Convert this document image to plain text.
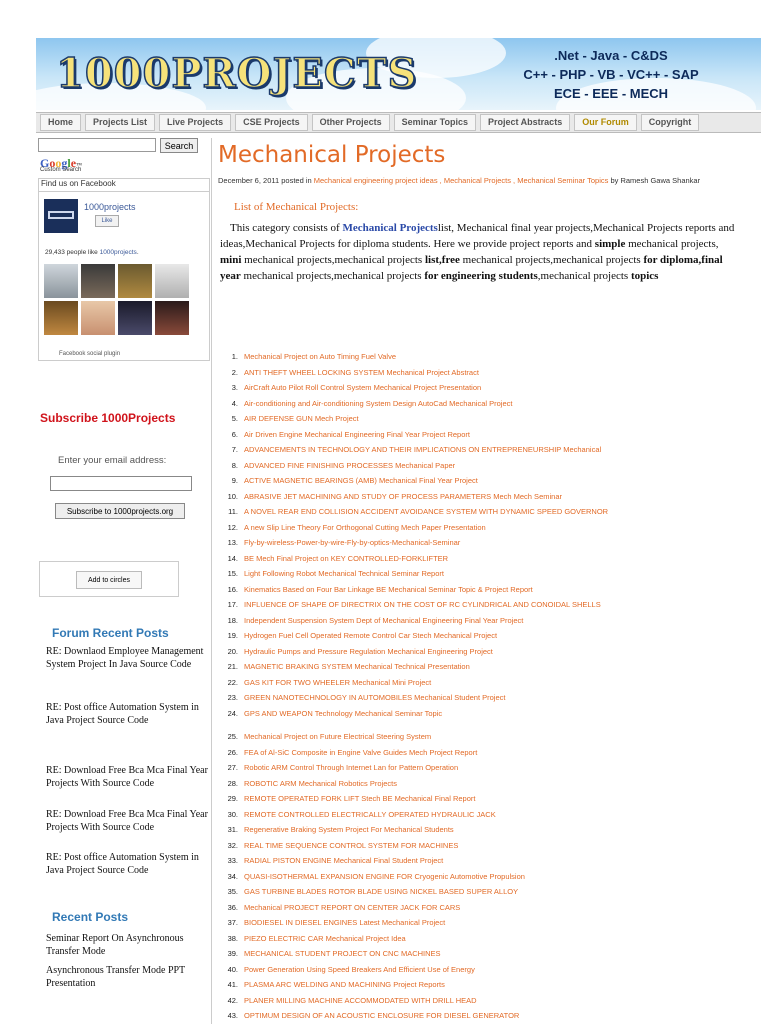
1000PROJECTS	.Net - Java - C&DS
C++ - PHP - VB - VC++ - SAP
ECE - EEE - MECH
Home	Projects List	Live Projects	CSE Projects	Other Projects	Seminar Topics	Project Abstracts	Our Forum	Copyright
Search
Google™
Custom Search
Find us on Facebook
1000projects
Like
29,433 people like 1000projects.
Facebook social plugin
Subscribe 1000Projects
Enter your email address:
Subscribe to 1000projects.org
Add to circles
Forum Recent Posts
RE: Downlaod Employee Management System Project In Java Source Code
RE: Post office Automation System in Java Project Source Code
RE: Download Free Bca Mca Final Year Projects With Source Code
RE: Download Free Bca Mca Final Year Projects With Source Code
RE: Post office Automation System in Java Project Source Code
Recent Posts
Seminar Report On Asynchronous Transfer Mode
Asynchronous Transfer Mode PPT Presentation
Mechanical Projects
December 6, 2011 posted in Mechanical engineering project ideas , Mechanical Projects , Mechanical Seminar Topics by Ramesh Gawa Shankar
List of Mechanical Projects:
This category consists of Mechanical Projectslist, Mechanical final year projects,Mechanical Projects reports and ideas,Mechanical Projects for diploma students. Here we provide project reports and simple mechanical projects, mini mechanical projects,mechanical projects list,free mechanical projects,mechanical projects for diploma,final year mechanical projects,mechanical projects for engineering students,mechanical projects topics
1. Mechanical Project on Auto Timing Fuel Valve
2. ANTI THEFT WHEEL LOCKING SYSTEM Mechanical Project Abstract
3. AirCraft Auto Pilot Roll Control System Mechanical Project Presentation
4. Air-conditioning and Air-conditioning System Design AutoCad Mechanical Project
5. AIR DEFENSE GUN Mech Project
6. Air Driven Engine Mechanical Engineering Final Year Project Report
7. ADVANCEMENTS IN TECHNOLOGY AND THEIR IMPLICATIONS ON ENTREPRENEURSHIP Mechanical
8. ADVANCED FINE FINISHING PROCESSES Mechanical Paper
9. ACTIVE MAGNETIC BEARINGS (AMB) Mechanical Final Year Project
10. ABRASIVE JET MACHINING AND STUDY OF PROCESS PARAMETERS Mech Mech Seminar
11. A NOVEL REAR END COLLISION ACCIDENT AVOIDANCE SYSTEM WITH DYNAMIC SPEED GOVERNOR
12. A new Slip Line Theory For Orthogonal Cutting Mech Paper Presentation
13. Fly-by-wireless-Power-by-wire-Fly-by-optics-Mechanical-Seminar
14. BE Mech Final Project on KEY CONTROLLED-FORKLIFTER
15. Light Following Robot Mechanical Technical Seminar Report
16. Kinematics Based on Four Bar Linkage BE Mechanical Seminar Topic & Project Report
17. INFLUENCE OF SHAPE OF DIRECTRIX ON THE COST OF RC CYLINDRICAL AND CONOIDAL SHELLS
18. Independent Suspension System Dept of Mechanical Engineering Final Year Project
19. Hydrogen Fuel Cell Operated Remote Control Car Stech Mechanical Project
20. Hydraulic Pumps and Pressure Regulation Mechanical Engineering Project
21. MAGNETIC BRAKING SYSTEM Mechanical Technical Presentation
22. GAS KIT FOR TWO WHEELER Mechanical Mini Project
23. GREEN NANOTECHNOLOGY IN AUTOMOBILES Mechanical Student Project
24. GPS AND WEAPON Technology Mechanical Seminar Topic
25. Mechanical Project on Future Electrical Steering System
26. FEA of Al-SiC Composite in Engine Valve Guides Mech Project Report
27. Robotic ARM Control Through Internet Lan for Pattern Operation
28. ROBOTIC ARM Mechanical Robotics Projects
29. REMOTE OPERATED FORK LIFT Stech BE Mechanical Final Report
30. REMOTE CONTROLLED ELECTRICALLY OPERATED HYDRAULIC JACK
31. Regenerative Braking System Project For Mechanical Students
32. REAL TIME SEQUENCE CONTROL SYSTEM FOR MACHINES
33. RADIAL PISTON ENGINE Mechanical Final Student Project
34. QUASI-ISOTHERMAL EXPANSION ENGINE FOR Cryogenic Automotive Propulsion
35. GAS TURBINE BLADES ROTOR BLADE USING NICKEL BASED SUPER ALLOY
36. Mechanical PROJECT REPORT ON CENTER JACK FOR CARS
37. BIODIESEL IN DIESEL ENGINES Latest Mechanical Project
38. PIEZO ELECTRIC CAR Mechanical Project Idea
39. MECHANICAL STUDENT PROJECT ON CNC MACHINES
40. Power Generation Using Speed Breakers And Efficient Use of Energy
41. PLASMA ARC WELDING AND MACHINING Project Reports
42. PLANER MILLING MACHINE ACCOMMODATED WITH DRILL HEAD
43. OPTIMUM DESIGN OF AN ACOUSTIC ENCLOSURE FOR DIESEL GENERATOR
